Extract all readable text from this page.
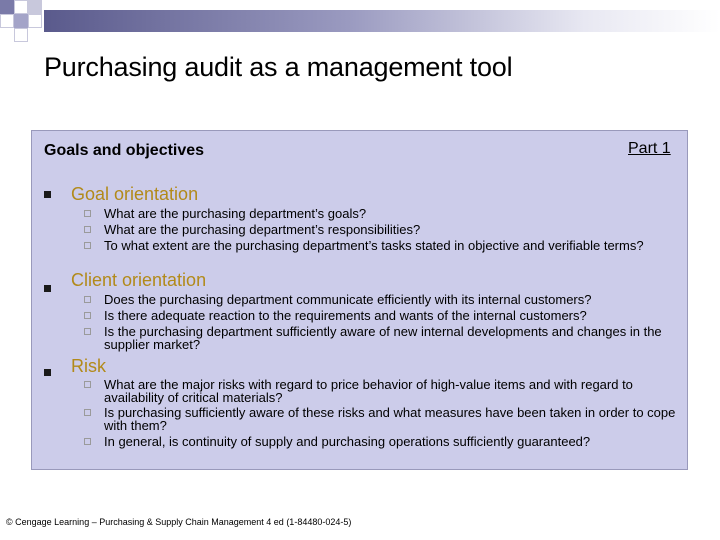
Purchasing audit as a management tool
Goals and objectives	Part 1
Goal orientation
What are the purchasing department’s goals?
What are the purchasing department’s responsibilities?
To what extent are the purchasing department’s tasks stated in objective and verifiable terms?
Client orientation
Does the purchasing department communicate efficiently with its internal customers?
Is there adequate reaction to the requirements and wants of the internal customers?
Is the purchasing department sufficiently aware of new internal developments and changes in the supplier market?
Risk
What are the major risks with regard to price behavior of high-value items and with regard to availability of critical materials?
Is purchasing sufficiently aware of these risks and what measures have been taken in order to cope with them?
In general, is continuity of supply and purchasing operations sufficiently guaranteed?
© Cengage Learning – Purchasing & Supply Chain Management 4 ed (1-84480-024-5)
